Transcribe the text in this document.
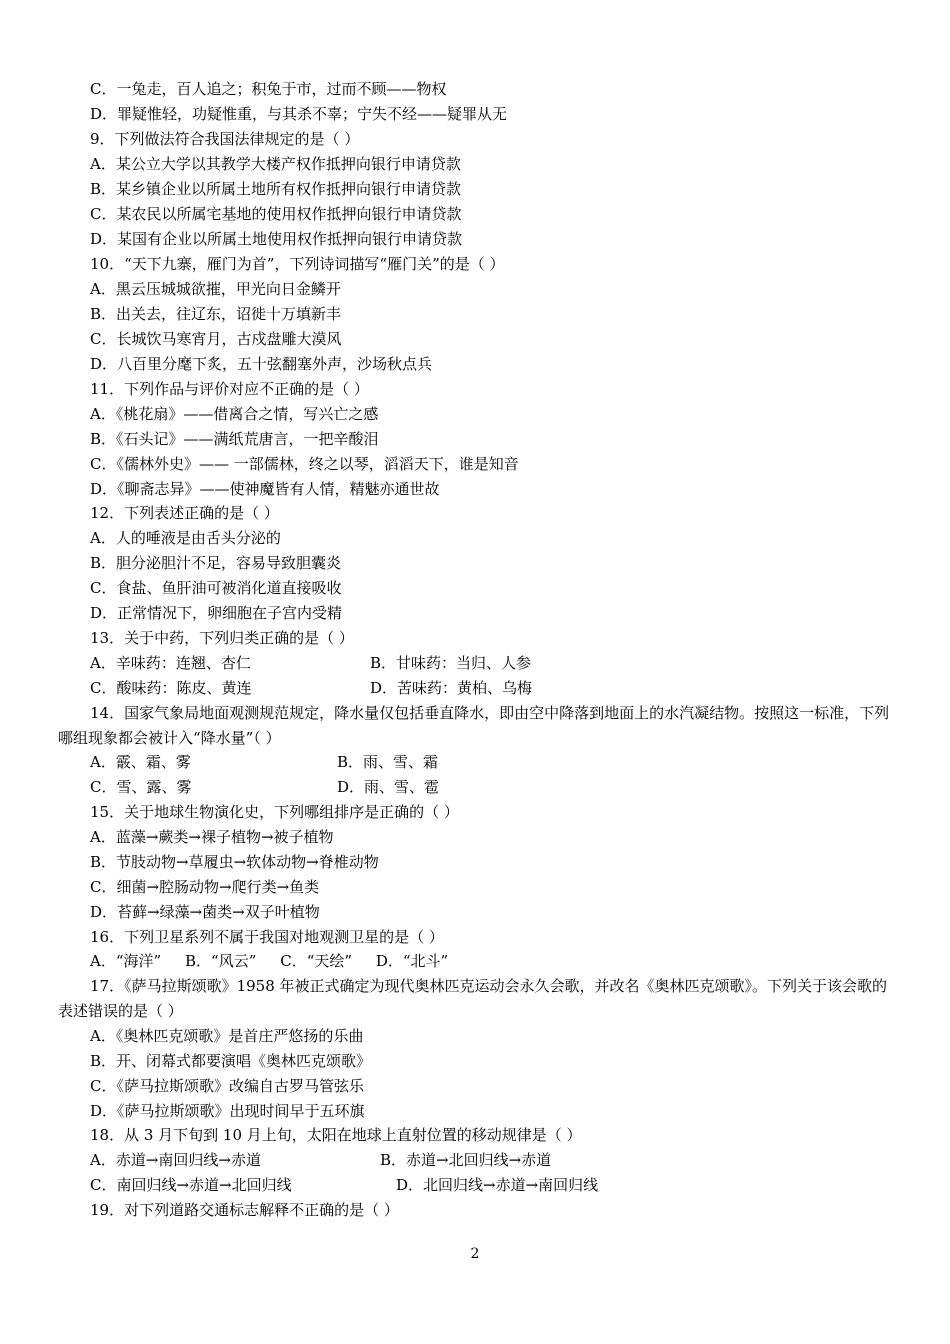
C．一兔走，百人追之；积兔于市，过而不顾——物权
D．罪疑惟轻，功疑惟重，与其杀不辜；宁失不经——疑罪从无
9．下列做法符合我国法律规定的是（ ）
A．某公立大学以其教学大楼产权作抵押向银行申请贷款
B．某乡镇企业以所属土地所有权作抵押向银行申请贷款
C．某农民以所属宅基地的使用权作抵押向银行申请贷款
D．某国有企业以所属土地使用权作抵押向银行申请贷款
10．“天下九寨，雁门为首”，下列诗词描写“雁门关”的是（ ）
A．黑云压城城欲摧，甲光向日金鳞开
B．出关去，往辽东，诏徙十万填新丰
C．长城饮马寒宵月，古戍盘雕大漠风
D．八百里分麾下炙，五十弦翻塞外声，沙场秋点兵
11．下列作品与评价对应不正确的是（ ）
A．《桃花扇》——借离合之情，写兴亡之感
B．《石头记》——满纸荒唐言，一把辛酸泪
C．《儒林外史》—— 一部儒林，终之以琴，滔滔天下，谁是知音
D．《聊斋志异》——使神魔皆有人情，精魅亦通世故
12．下列表述正确的是（ ）
A．人的唾液是由舌头分泌的
B．胆分泌胆汁不足，容易导致胆囊炎
C．食盐、鱼肝油可被消化道直接吸收
D．正常情况下，卵细胞在子宫内受精
13．关于中药，下列归类正确的是（ ）
A．辛味药：连翘、杏仁	B．甘味药：当归、人参
C．酸味药：陈皮、黄连	D．苦味药：黄柏、乌梅
14．国家气象局地面观测规范规定，降水量仅包括垂直降水，即由空中降落到地面上的水汽凝结物。按照这一标准，下列哪组现象都会被计入“降水量”（ ）
A．霰、霜、雾	B．雨、雪、霜
C．雪、露、雾	D．雨、雪、雹
15．关于地球生物演化史，下列哪组排序是正确的（ ）
A．蓝藻→蕨类→裸子植物→被子植物
B．节肢动物→草履虫→软体动物→脊椎动物
C．细菌→腔肠动物→爬行类→鱼类
D．苔藓→绿藻→菌类→双子叶植物
16．下列卫星系列不属于我国对地观测卫星的是（ ）
A．“海洋”     B．“风云”     C．“天绘”     D．“北斗”
17．《萨马拉斯颂歌》1958 年被正式确定为现代奥林匹克运动会永久会歌，并改名《奥林匹克颂歌》。下列关于该会歌的表述错误的是（ ）
A．《奥林匹克颂歌》是首庄严悠扬的乐曲
B．开、闭幕式都要演唱《奥林匹克颂歌》
C．《萨马拉斯颂歌》改编自古罗马管弦乐
D．《萨马拉斯颂歌》出现时间早于五环旗
18．从 3 月下旬到 10 月上旬，太阳在地球上直射位置的移动规律是（ ）
A．赤道→南回归线→赤道	B．赤道→北回归线→赤道
C．南回归线→赤道→北回归线	D．北回归线→赤道→南回归线
19．对下列道路交通标志解释不正确的是（ ）
2
